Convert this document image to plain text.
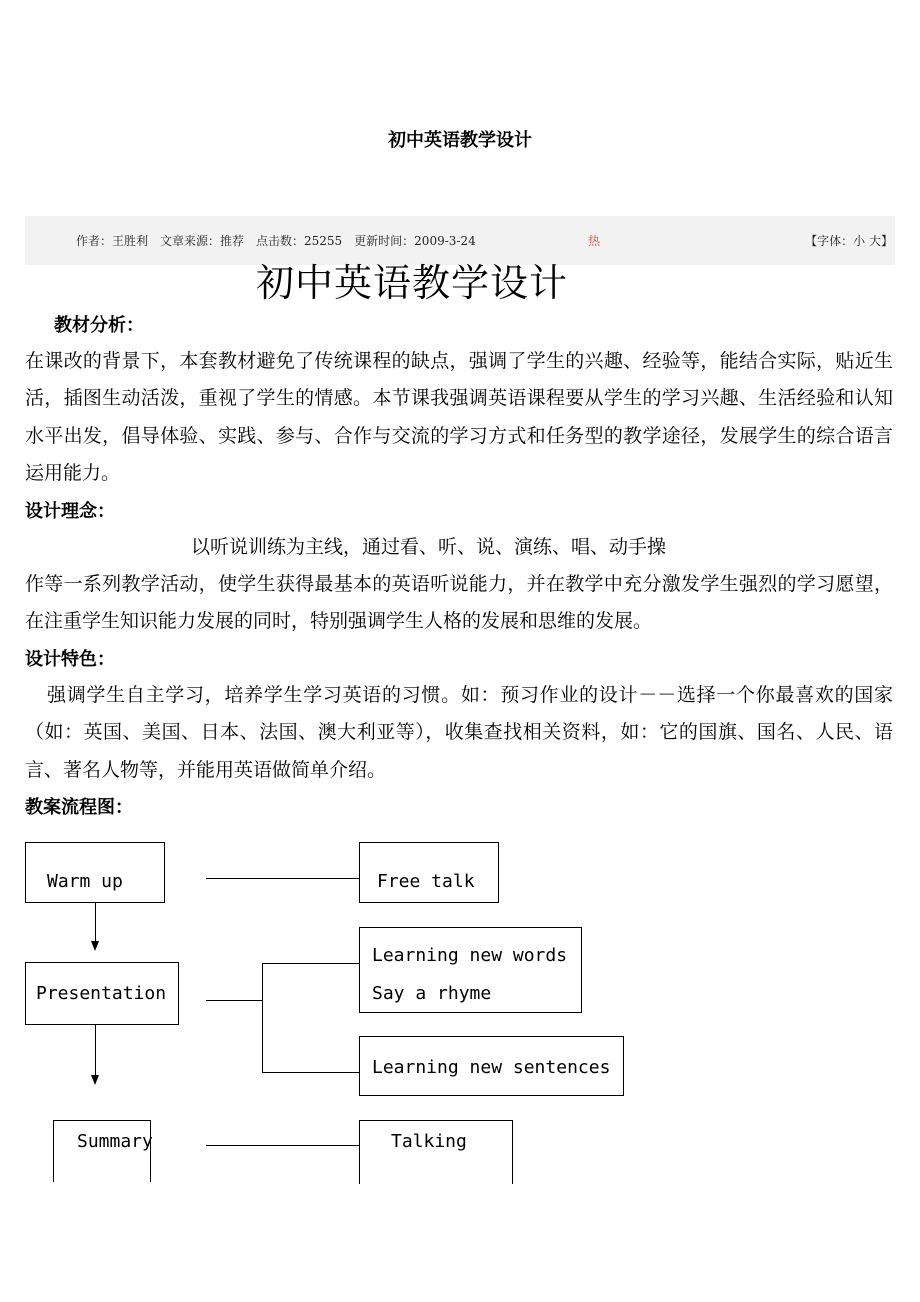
初中英语教学设计
作者：王胜利　文章来源：推荐　点击数：25255　更新时间：2009-3-24	热	【字体：小 大】
初中英语教学设计
教材分析：
在课改的背景下，本套教材避免了传统课程的缺点，强调了学生的兴趣、经验等，能结合实际，贴近生活，插图生动活泼，重视了学生的情感。本节课我强调英语课程要从学生的学习兴趣、生活经验和认知水平出发，倡导体验、实践、参与、合作与交流的学习方式和任务型的教学途径，发展学生的综合语言运用能力。
设计理念：
以听说训练为主线，通过看、听、说、演练、唱、动手操
作等一系列教学活动，使学生获得最基本的英语听说能力，并在教学中充分激发学生强烈的学习愿望，在注重学生知识能力发展的同时，特别强调学生人格的发展和思维的发展。
设计特色：
强调学生自主学习，培养学生学习英语的习惯。如：预习作业的设计－－选择一个你最喜欢的国家（如：英国、美国、日本、法国、澳大利亚等），收集查找相关资料，如：它的国旗、国名、人民、语言、著名人物等，并能用英语做简单介绍。
教案流程图：
Warm up	Free talk
Presentation
Learning new words
Say a rhyme
Learning new sentences
Summary	Talking
